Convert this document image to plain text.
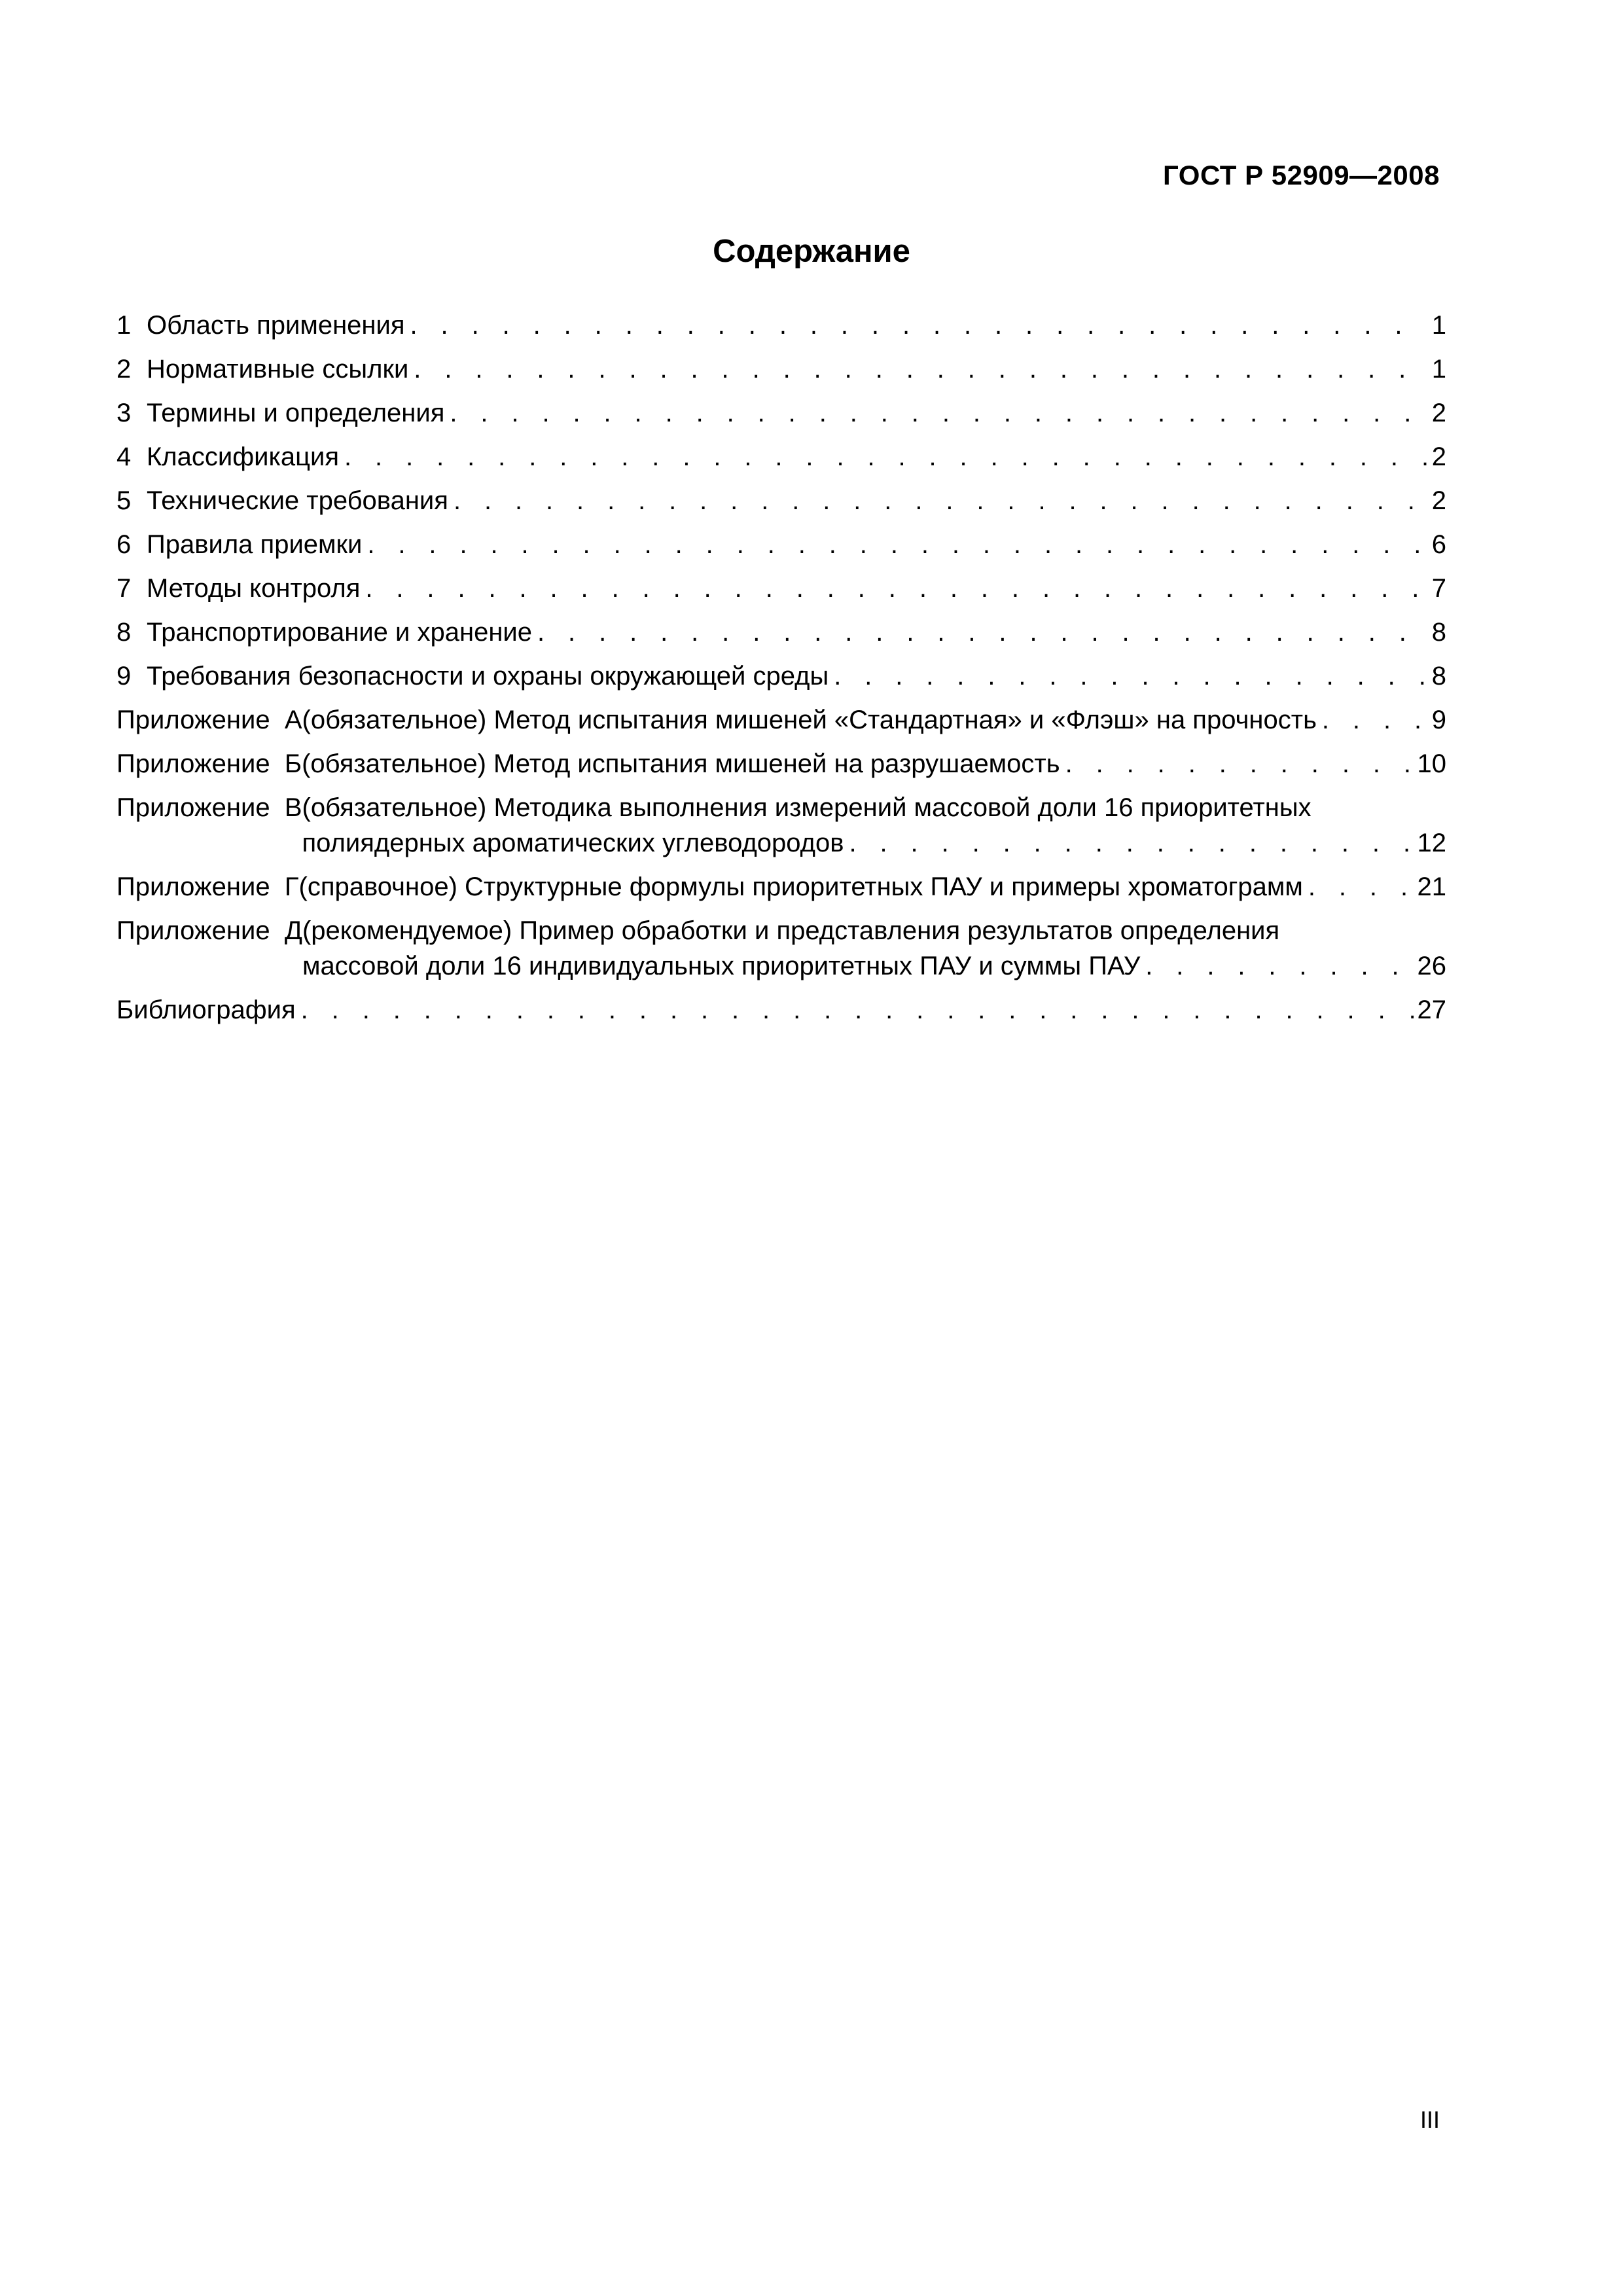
ГОСТ Р 52909—2008
Содержание
1 Область применения . . .	1
2 Нормативные ссылки . . .	1
3 Термины и определения . . .	2
4 Классификация . . .	2
5 Технические требования . . .	2
6 Правила приемки . . .	6
7 Методы контроля . . .	7
8 Транспортирование и хранение . . .	8
9 Требования безопасности и охраны окружающей среды . . .	8
Приложение  А (обязательное) Метод испытания мишеней «Стандартная» и «Флэш» на прочность . . .	9
Приложение  Б (обязательное) Метод испытания мишеней на разрушаемость . . .	10
Приложение  В (обязательное) Методика выполнения измерений массовой доли 16 приоритетных
полиядерных ароматических углеводородов . . .	12
Приложение  Г (справочное) Структурные формулы приоритетных ПАУ и примеры хроматограмм . . .	21
Приложение  Д (рекомендуемое) Пример обработки и представления результатов определения
массовой доли 16 индивидуальных приоритетных ПАУ и суммы ПАУ . . .	26
Библиография . . .	27
III
